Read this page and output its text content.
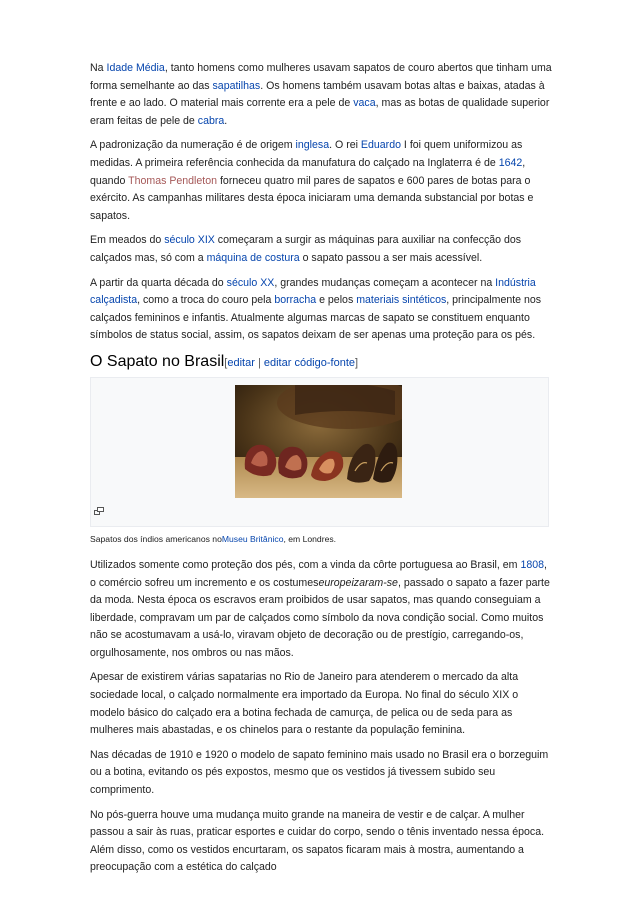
Na Idade Média, tanto homens como mulheres usavam sapatos de couro abertos que tinham uma forma semelhante ao das sapatilhas. Os homens também usavam botas altas e baixas, atadas à frente e ao lado. O material mais corrente era a pele de vaca, mas as botas de qualidade superior eram feitas de pele de cabra.

A padronização da numeração é de origem inglesa. O rei Eduardo I foi quem uniformizou as medidas. A primeira referência conhecida da manufatura do calçado na Inglaterra é de 1642, quando Thomas Pendleton forneceu quatro mil pares de sapatos e 600 pares de botas para o exército. As campanhas militares desta época iniciaram uma demanda substancial por botas e sapatos.

Em meados do século XIX começaram a surgir as máquinas para auxiliar na confecção dos calçados mas, só com a máquina de costura o sapato passou a ser mais acessível.

A partir da quarta década do século XX, grandes mudanças começam a acontecer na Indústria calçadista, como a troca do couro pela borracha e pelos materiais sintéticos, principalmente nos calçados femininos e infantis. Atualmente algumas marcas de sapato se constituem enquanto símbolos de status social, assim, os sapatos deixam de ser apenas uma proteção para os pés.

O Sapato no Brasil[editar | editar código-fonte]
Sapatos dos índios americanos noMuseu Britânico, em Londres.

Utilizados somente como proteção dos pés, com a vinda da côrte portuguesa ao Brasil, em 1808, o comércio sofreu um incremento e os costumeseuropeizaram-se, passado o sapato a fazer parte da moda. Nesta época os escravos eram proibidos de usar sapatos, mas quando conseguiam a liberdade, compravam um par de calçados como símbolo da nova condição social. Como muitos não se acostumavam a usá-lo, viravam objeto de decoração ou de prestígio, carregando-os, orgulhosamente, nos ombros ou nas mãos.

Apesar de existirem várias sapatarias no Rio de Janeiro para atenderem o mercado da alta sociedade local, o calçado normalmente era importado da Europa. No final do século XIX o modelo básico do calçado era a botina fechada de camurça, de pelica ou de seda para as mulheres mais abastadas, e os chinelos para o restante da população feminina.

Nas décadas de 1910 e 1920 o modelo de sapato feminino mais usado no Brasil era o borzeguim ou a botina, evitando os pés expostos, mesmo que os vestidos já tivessem subido seu comprimento.

No pós-guerra houve uma mudança muito grande na maneira de vestir e de calçar. A mulher passou a sair às ruas, praticar esportes e cuidar do corpo, sendo o tênis inventado nessa época. Além disso, como os vestidos encurtaram, os sapatos ficaram mais à mostra, aumentando a preocupação com a estética do calçado
